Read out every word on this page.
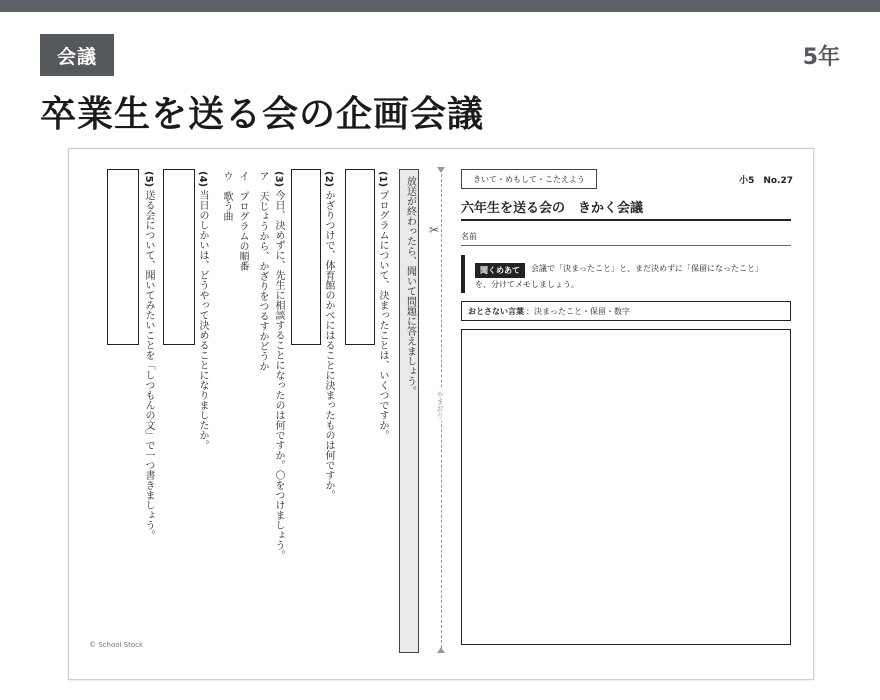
会議	5年
卒業生を送る会の企画会議
(1) プログラムについて、決まったことは、いくつですか。
(2) かざりつけで、体育館のかべにはることに決まったものは何ですか。
(3) 今日、決めずに、先生に相談することになったのは何ですか。〇をつけましょう。
ア　天じょうから、かざりをつるすかどうか
イ　プログラムの順番
ウ　歌う曲
(4) 当日のしかいは、どうやって決めることになりましたか。
(5) 送る会について、聞いてみたいことを「しつもんの文」で一つ書きましょう。	放送が終わったら、聞いて問題に答えましょう。 ✂
やまおり
© School Stock
きいて・めもして・こたえよう	小5　No.27
六年生を送る会の　きかく会議
名前
聞くめあて	会議で「決まったこと」と、まだ決めずに「保留になったこと」
を、分けてメモしましょう。
おとさない言葉 ： 決まったこと・保留・数字
